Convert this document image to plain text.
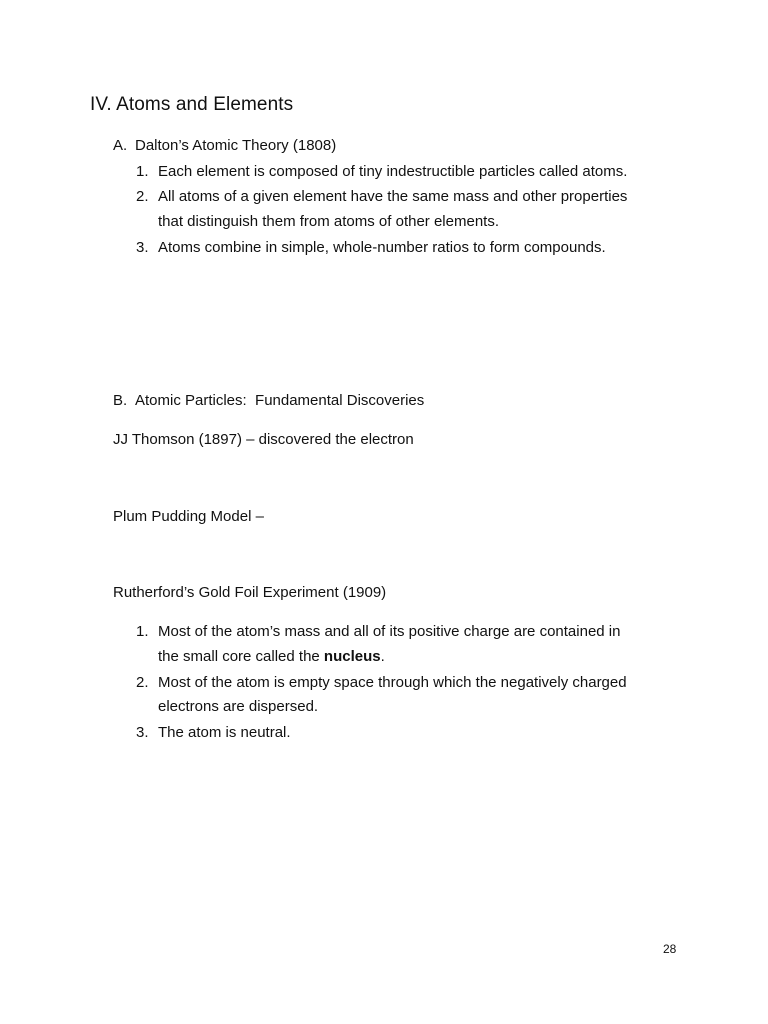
IV. Atoms and Elements
A. Dalton’s Atomic Theory (1808)
1. Each element is composed of tiny indestructible particles called atoms.
2. All atoms of a given element have the same mass and other properties
that distinguish them from atoms of other elements.
3. Atoms combine in simple, whole-number ratios to form compounds.
B. Atomic Particles:  Fundamental Discoveries
JJ Thomson (1897) – discovered the electron
Plum Pudding Model –
Rutherford’s Gold Foil Experiment (1909)
1. Most of the atom’s mass and all of its positive charge are contained in
the small core called the nucleus.
2. Most of the atom is empty space through which the negatively charged
electrons are dispersed.
3. The atom is neutral.
28
